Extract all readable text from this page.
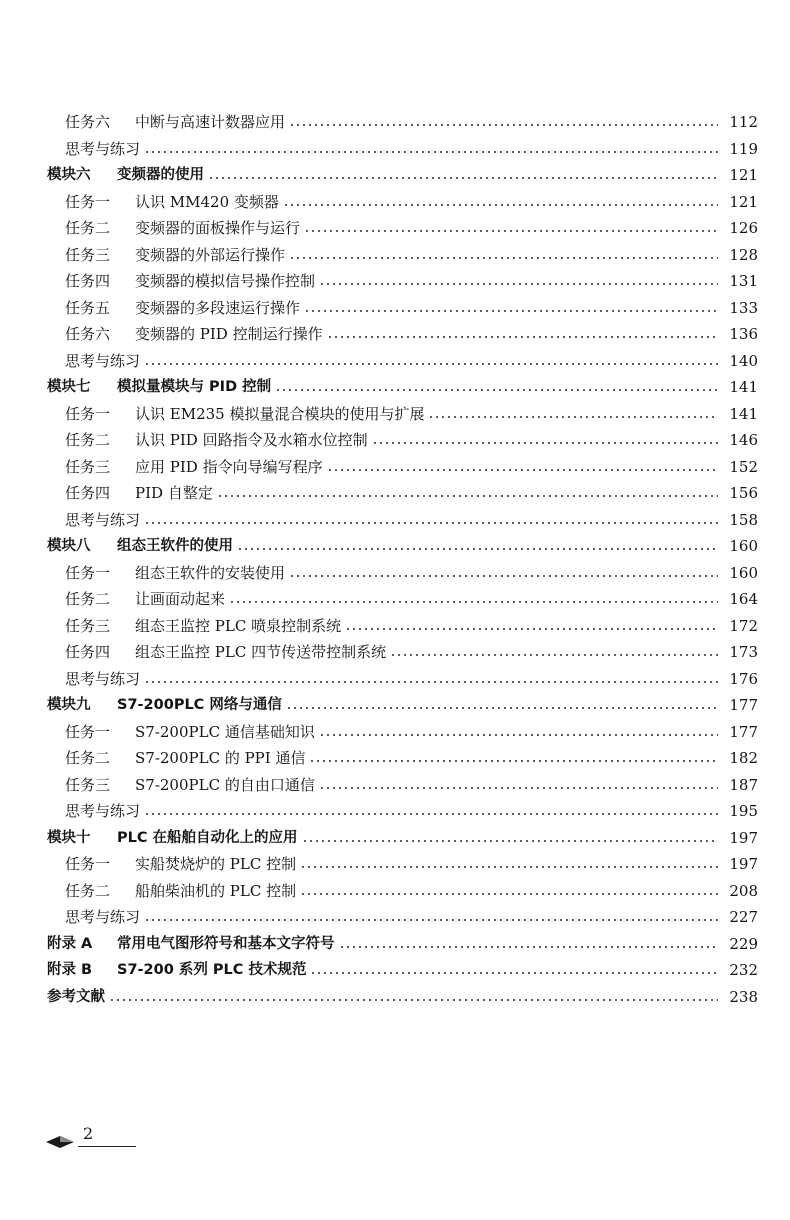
任务六 中断与高速计数器应用	112
思考与练习	119
模块六 变频器的使用	121
任务一 认识 MM420 变频器	121
任务二 变频器的面板操作与运行	126
任务三 变频器的外部运行操作	128
任务四 变频器的模拟信号操作控制	131
任务五 变频器的多段速运行操作	133
任务六 变频器的 PID 控制运行操作	136
思考与练习	140
模块七 模拟量模块与 PID 控制	141
任务一 认识 EM235 模拟量混合模块的使用与扩展	141
任务二 认识 PID 回路指令及水箱水位控制	146
任务三 应用 PID 指令向导编写程序	152
任务四 PID 自整定	156
思考与练习	158
模块八 组态王软件的使用	160
任务一 组态王软件的安装使用	160
任务二 让画面动起来	164
任务三 组态王监控 PLC 喷泉控制系统	172
任务四 组态王监控 PLC 四节传送带控制系统	173
思考与练习	176
模块九 S7-200PLC 网络与通信	177
任务一 S7-200PLC 通信基础知识	177
任务二 S7-200PLC 的 PPI 通信	182
任务三 S7-200PLC 的自由口通信	187
思考与练习	195
模块十 PLC 在船舶自动化上的应用	197
任务一 实船焚烧炉的 PLC 控制	197
任务二 船舶柴油机的 PLC 控制	208
思考与练习	227
附录 A 常用电气图形符号和基本文字符号	229
附录 B S7-200 系列 PLC 技术规范	232
参考文献	238
2
